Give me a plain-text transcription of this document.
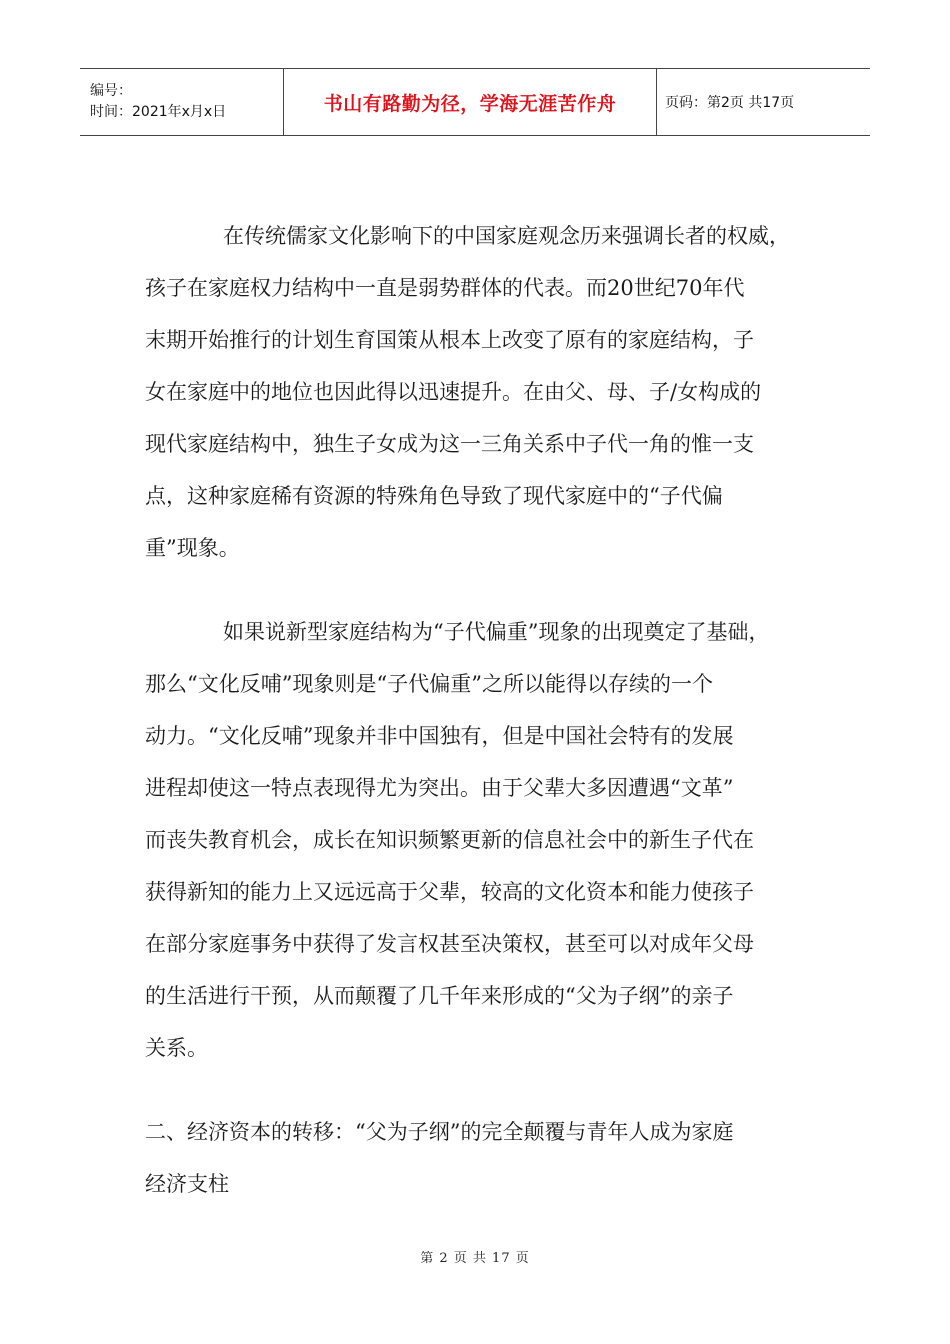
编号：
时间：2021年x月x日	书山有路勤为径，学海无涯苦作舟	页码：第2页 共17页
在传统儒家文化影响下的中国家庭观念历来强调长者的权威，
孩子在家庭权力结构中一直是弱势群体的代表。而20世纪70年代
末期开始推行的计划生育国策从根本上改变了原有的家庭结构，子
女在家庭中的地位也因此得以迅速提升。在由父、母、子/女构成的
现代家庭结构中，独生子女成为这一三角关系中子代一角的惟一支
点，这种家庭稀有资源的特殊角色导致了现代家庭中的“子代偏
重”现象。
如果说新型家庭结构为“子代偏重”现象的出现奠定了基础，
那么“文化反哺”现象则是“子代偏重”之所以能得以存续的一个
动力。“文化反哺”现象并非中国独有，但是中国社会特有的发展
进程却使这一特点表现得尤为突出。由于父辈大多因遭遇“文革”
而丧失教育机会，成长在知识频繁更新的信息社会中的新生子代在
获得新知的能力上又远远高于父辈，较高的文化资本和能力使孩子
在部分家庭事务中获得了发言权甚至决策权，甚至可以对成年父母
的生活进行干预，从而颠覆了几千年来形成的“父为子纲”的亲子
关系。
二、经济资本的转移：“父为子纲”的完全颠覆与青年人成为家庭
经济支柱
第 2 页 共 17 页
